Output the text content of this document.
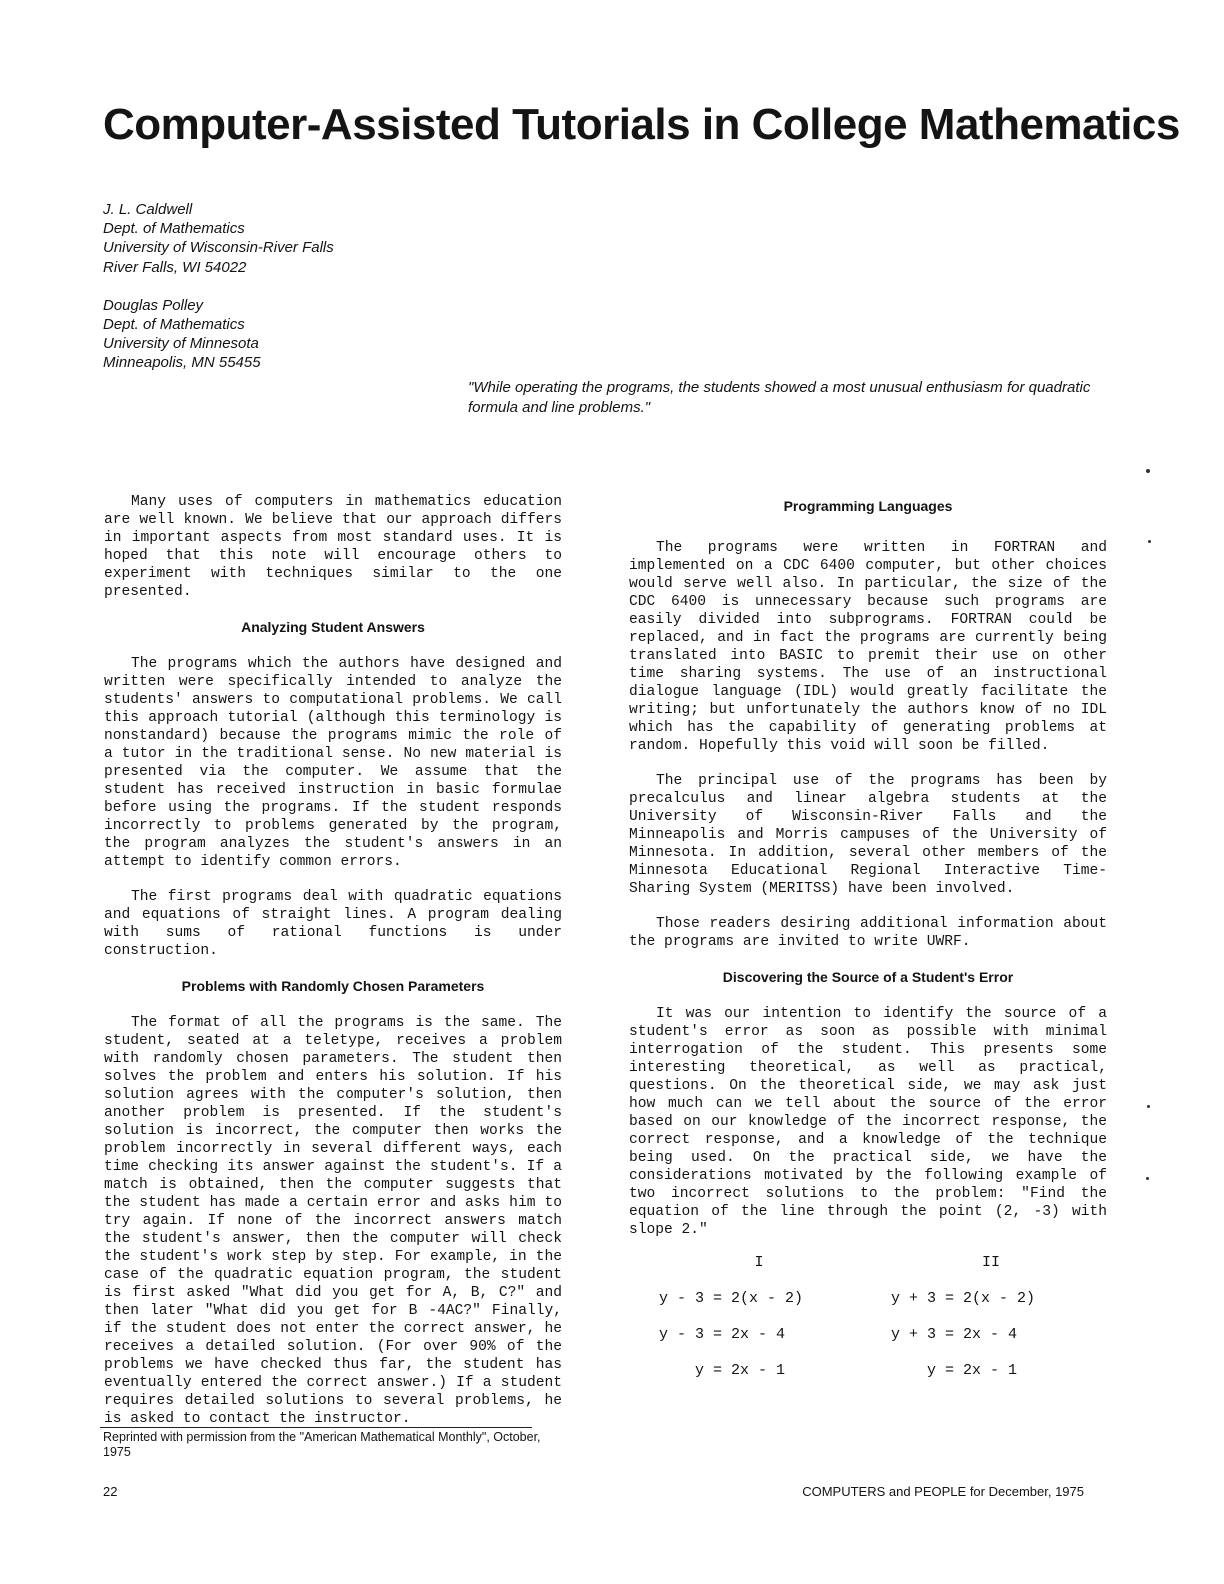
Computer-Assisted Tutorials in College Mathematics
J. L. Caldwell
Dept. of Mathematics
University of Wisconsin-River Falls
River Falls, WI 54022
Douglas Polley
Dept. of Mathematics
University of Minnesota
Minneapolis, MN 55455

"While operating the programs, the students showed a most unusual enthusiasm for quadratic formula and line problems."

Many uses of computers in mathematics education are well known. We believe that our approach differs in important aspects from most standard uses. It is hoped that this note will encourage others to experiment with techniques similar to the one presented.

Analyzing Student Answers

The programs which the authors have designed and written were specifically intended to analyze the students' answers to computational problems. We call this approach tutorial (although this terminology is nonstandard) because the programs mimic the role of a tutor in the traditional sense. No new material is presented via the computer. We assume that the student has received instruction in basic formulae before using the programs. If the student responds incorrectly to problems generated by the program, the program analyzes the student's answers in an attempt to identify common errors.

The first programs deal with quadratic equations and equations of straight lines. A program dealing with sums of rational functions is under construction.

Problems with Randomly Chosen Parameters

The format of all the programs is the same. The student, seated at a teletype, receives a problem with randomly chosen parameters. The student then solves the problem and enters his solution. If his solution agrees with the computer's solution, then another problem is presented. If the student's solution is incorrect, the computer then works the problem incorrectly in several different ways, each time checking its answer against the student's. If a match is obtained, then the computer suggests that the student has made a certain error and asks him to try again. If none of the incorrect answers match the student's answer, then the computer will check the student's work step by step. For example, in the case of the quadratic equation program, the student is first asked "What did you get for A, B, C?" and then later "What did you get for B -4AC?" Finally, if the student does not enter the correct answer, he receives a detailed solution. (For over 90% of the problems we have checked thus far, the student has eventually entered the correct answer.) If a student requires detailed solutions to several problems, he is asked to contact the instructor.

Reprinted with permission from the "American Mathematical Monthly", October, 1975

Programming Languages

The programs were written in FORTRAN and implemented on a CDC 6400 computer, but other choices would serve well also. In particular, the size of the CDC 6400 is unnecessary because such programs are easily divided into subprograms. FORTRAN could be replaced, and in fact the programs are currently being translated into BASIC to premit their use on other time sharing systems. The use of an instructional dialogue language (IDL) would greatly facilitate the writing; but unfortunately the authors know of no IDL which has the capability of generating problems at random. Hopefully this void will soon be filled.

The principal use of the programs has been by precalculus and linear algebra students at the University of Wisconsin-River Falls and the Minneapolis and Morris campuses of the University of Minnesota. In addition, several other members of the Minnesota Educational Regional Interactive Time-Sharing System (MERITSS) have been involved.

Those readers desiring additional information about the programs are invited to write UWRF.

Discovering the Source of a Student's Error

It was our intention to identify the source of a student's error as soon as possible with minimal interrogation of the student. This presents some interesting theoretical, as well as practical, questions. On the theoretical side, we may ask just how much can we tell about the source of the error based on our knowledge of the incorrect response, the correct response, and a knowledge of the technique being used. On the practical side, we have the considerations motivated by the following example of two incorrect solutions to the problem: "Find the equation of the line through the point (2, -3) with slope 2."

I
y - 3 = 2(x - 2)
y - 3 = 2x - 4
y = 2x - 1
II
y + 3 = 2(x - 2)
y + 3 = 2x - 4
y = 2x - 1

22	COMPUTERS and PEOPLE for December, 1975
